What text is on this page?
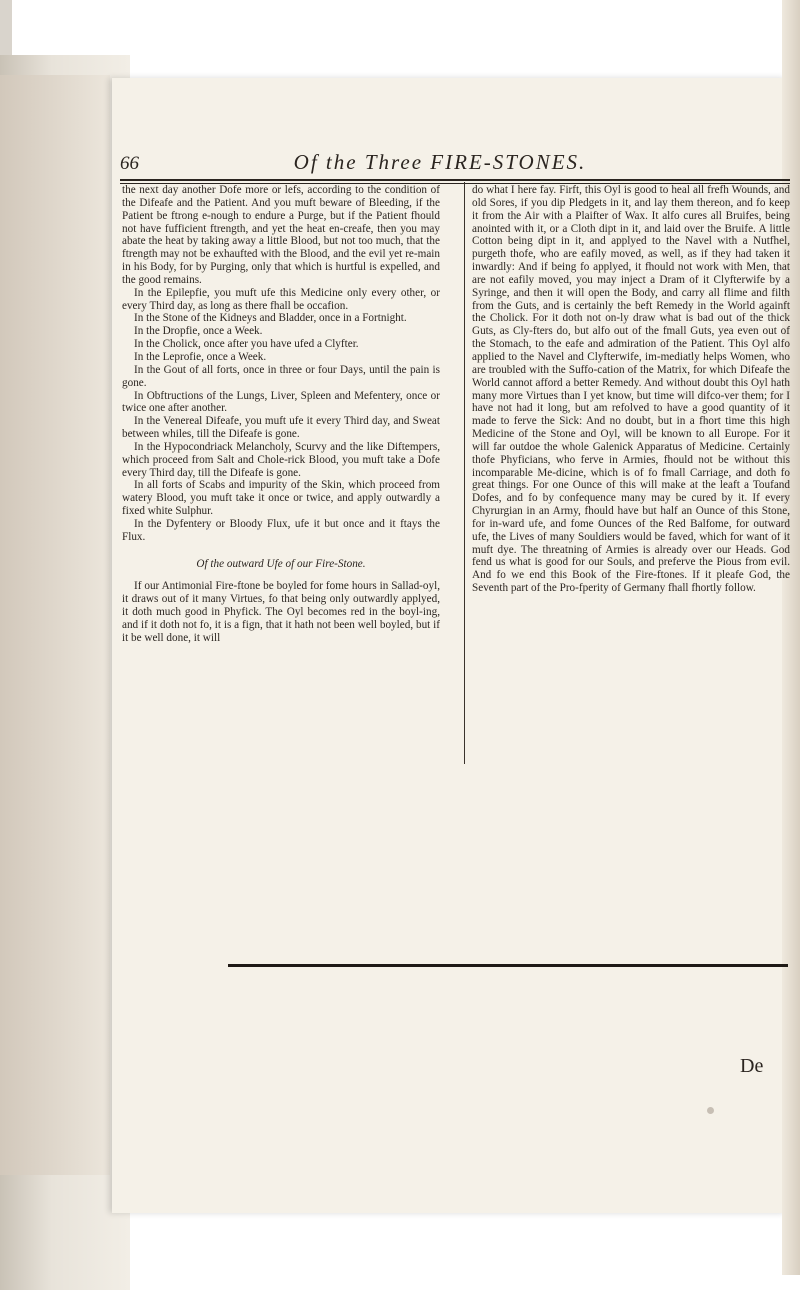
66	Of the Three FIRE-STONES.

the next day another Dofe more or lefs, according to the condition of the Difeafe and the Patient. And you muft beware of Bleeding, if the Patient be ftrong e-nough to endure a Purge, but if the Patient fhould not have fufficient ftrength, and yet the heat en-creafe, then you may abate the heat by taking away a little Blood, but not too much, that the ftrength may not be exhaufted with the Blood, and the evil yet re-main in his Body, for by Purging, only that which is hurtful is expelled, and the good remains.

In the Epilepfie, you muft ufe this Medicine only every other, or every Third day, as long as there fhall be occafion.

In the Stone of the Kidneys and Bladder, once in a Fortnight.

In the Dropfie, once a Week.

In the Cholick, once after you have ufed a Clyfter.

In the Leprofie, once a Week.

In the Gout of all forts, once in three or four Days, until the pain is gone.

In Obftructions of the Lungs, Liver, Spleen and Mefentery, once or twice one after another.

In the Venereal Difeafe, you muft ufe it every Third day, and Sweat between whiles, till the Difeafe is gone.

In the Hypocondriack Melancholy, Scurvy and the like Diftempers, which proceed from Salt and Chole-rick Blood, you muft take a Dofe every Third day, till the Difeafe is gone.

In all forts of Scabs and impurity of the Skin, which proceed from watery Blood, you muft take it once or twice, and apply outwardly a fixed white Sulphur.

In the Dyfentery or Bloody Flux, ufe it but once and it ftays the Flux.

Of the outward Ufe of our Fire-Stone.

If our Antimonial Fire-ftone be boyled for fome hours in Sallad-oyl, it draws out of it many Virtues, fo that being only outwardly applyed, it doth much good in Phyfick. The Oyl becomes red in the boyl-ing, and if it doth not fo, it is a fign, that it hath not been well boyled, but if it be well done, it will

do what I here fay. Firft, this Oyl is good to heal all frefh Wounds, and old Sores, if you dip Pledgets in it, and lay them thereon, and fo keep it from the Air with a Plaifter of Wax. It alfo cures all Bruifes, being anointed with it, or a Cloth dipt in it, and laid over the Bruife. A little Cotton being dipt in it, and applyed to the Navel with a Nutfhel, purgeth thofe, who are eafily moved, as well, as if they had taken it inwardly: And if being fo applyed, it fhould not work with Men, that are not eafily moved, you may inject a Dram of it Clyfterwife by a Syringe, and then it will open the Body, and carry all flime and filth from the Guts, and is certainly the beft Remedy in the World againft the Cholick. For it doth not on-ly draw what is bad out of the thick Guts, as Cly-fters do, but alfo out of the fmall Guts, yea even out of the Stomach, to the eafe and admiration of the Patient. This Oyl alfo applied to the Navel and Clyfterwife, im-mediatly helps Women, who are troubled with the Suffo-cation of the Matrix, for which Difeafe the World cannot afford a better Remedy. And without doubt this Oyl hath many more Virtues than I yet know, but time will difco-ver them; for I have not had it long, but am refolved to have a good quantity of it made to ferve the Sick: And no doubt, but in a fhort time this high Medicine of the Stone and Oyl, will be known to all Europe. For it will far outdoe the whole Galenick Apparatus of Medicine. Certainly thofe Phyficians, who ferve in Armies, fhould not be without this incomparable Me-dicine, which is of fo fmall Carriage, and doth fo great things. For one Ounce of this will make at the leaft a Toufand Dofes, and fo by confequence many may be cured by it. If every Chyrurgian in an Army, fhould have but half an Ounce of this Stone, for in-ward ufe, and fome Ounces of the Red Balfome, for outward ufe, the Lives of many Souldiers would be faved, which for want of it muft dye. The threatning of Armies is already over our Heads. God fend us what is good for our Souls, and preferve the Pious from evil. And fo we end this Book of the Fire-ftones. If it pleafe God, the Seventh part of the Pro-fperity of Germany fhall fhortly follow.

De
